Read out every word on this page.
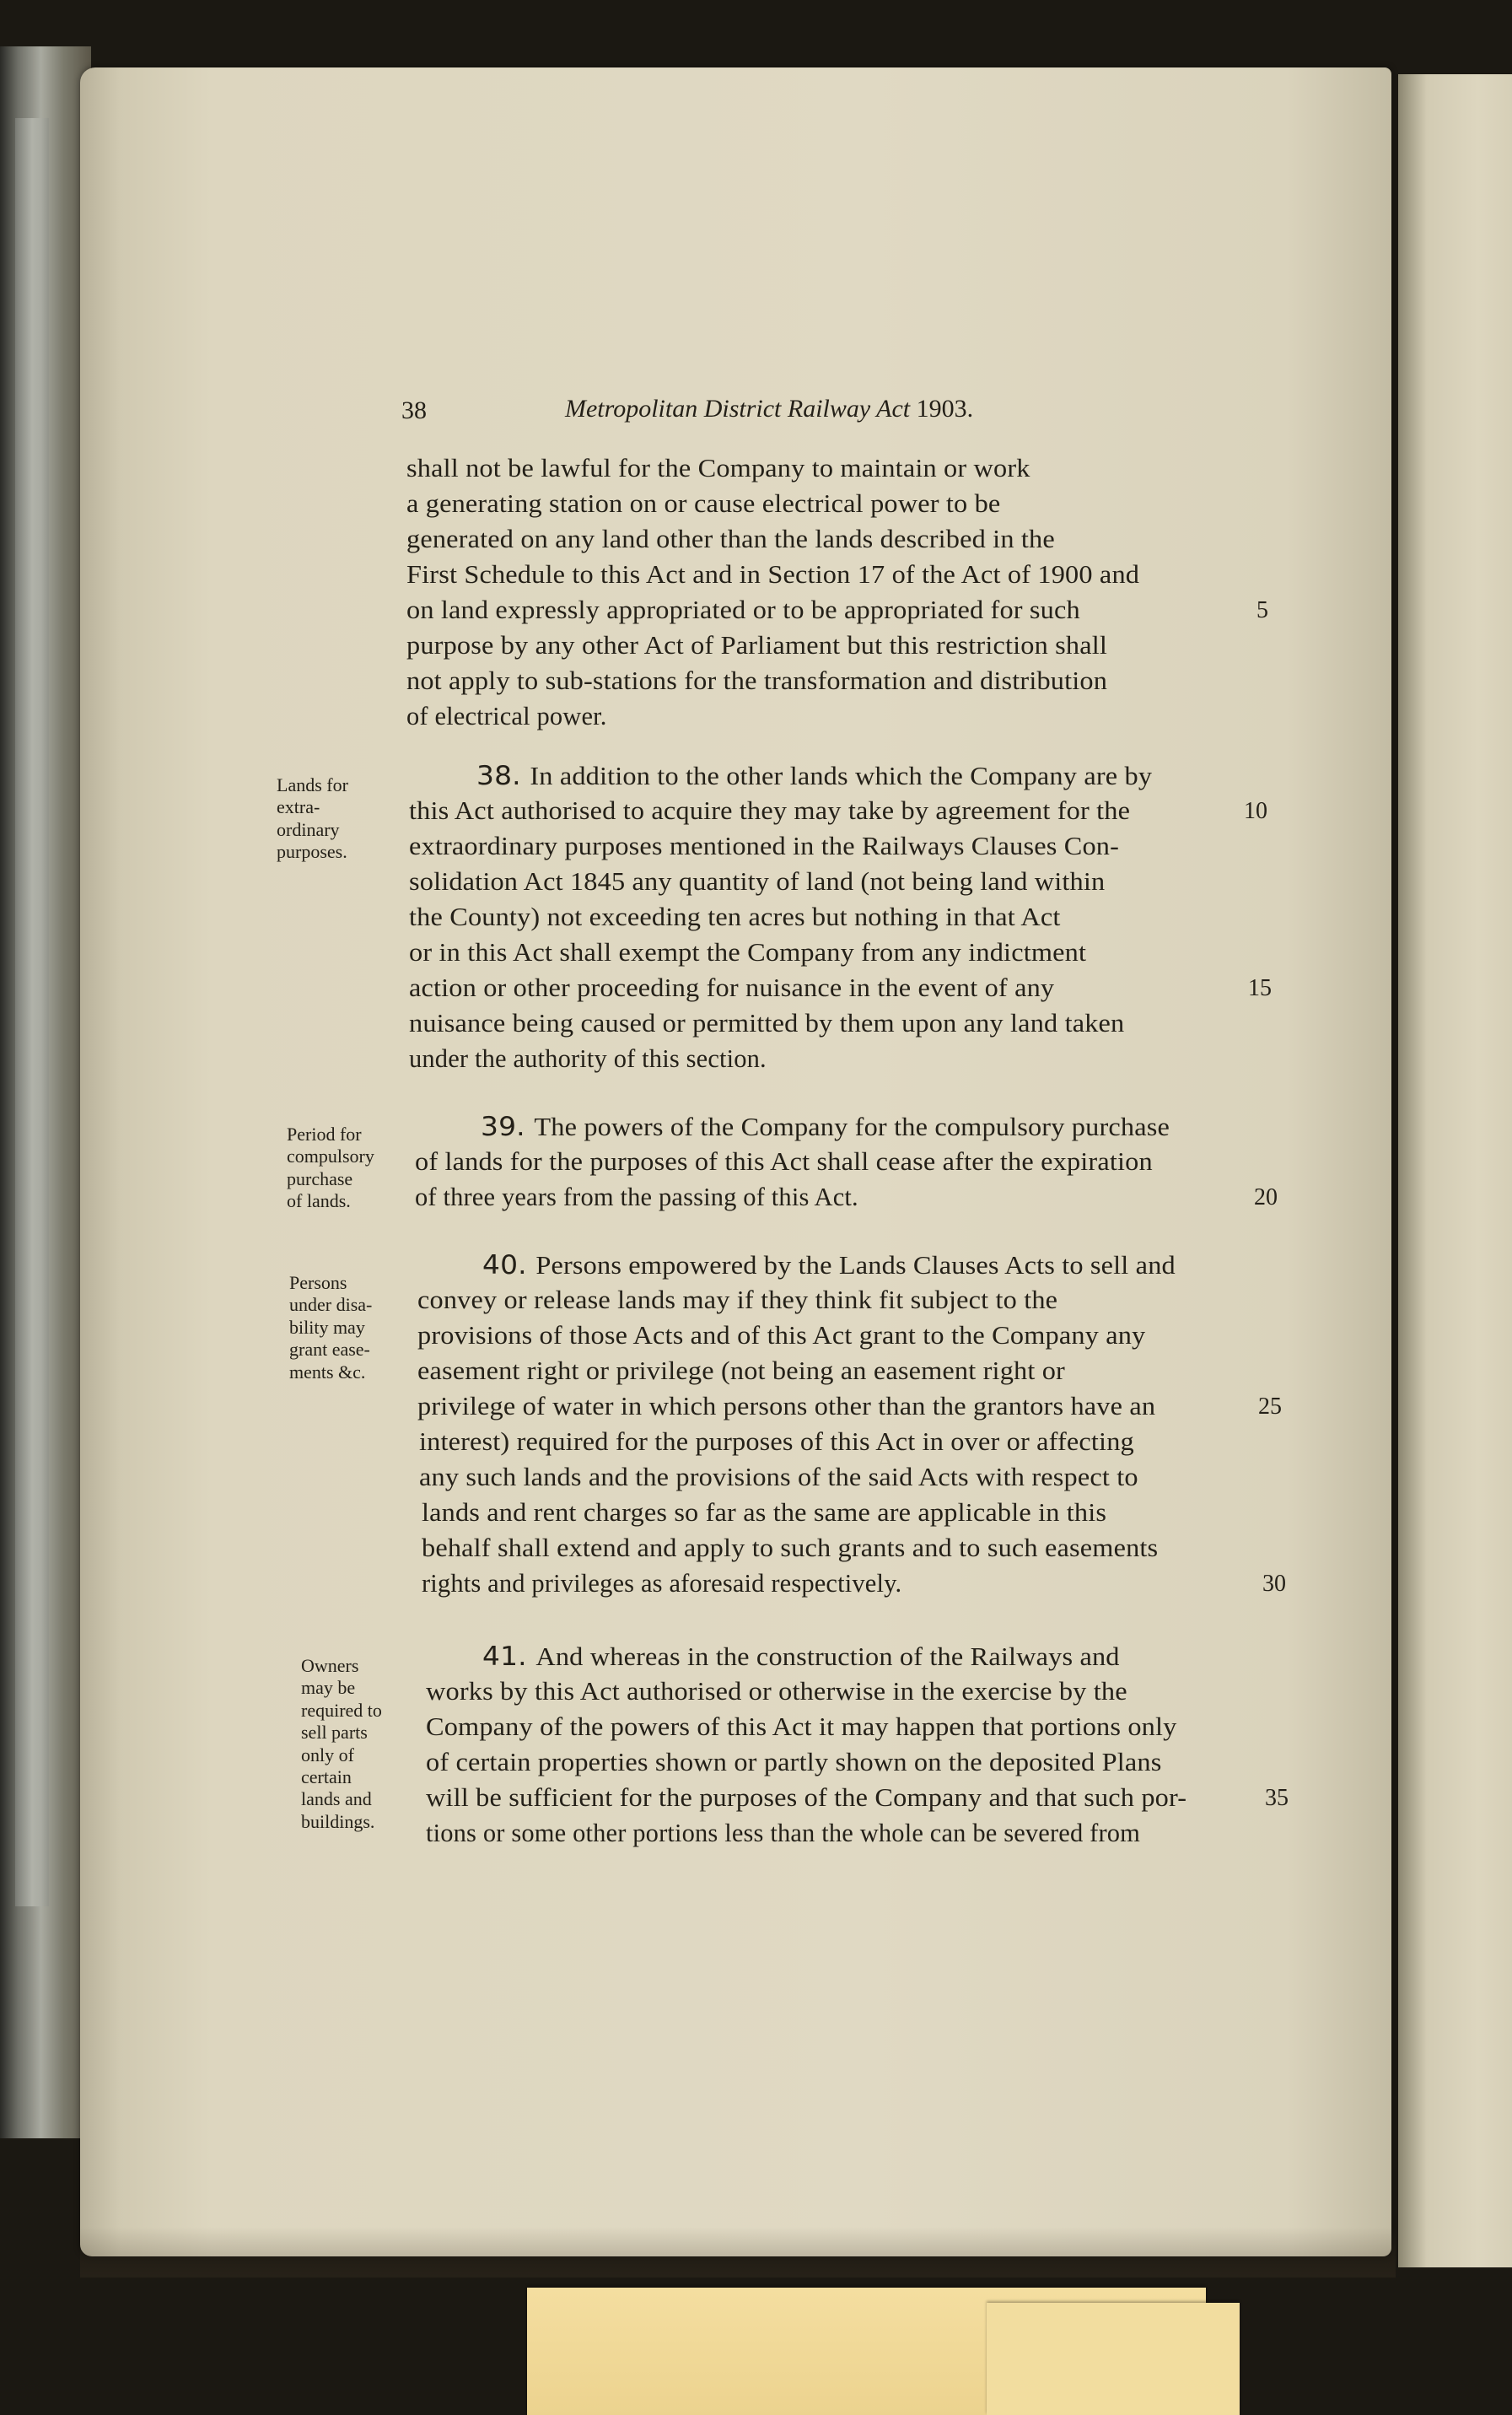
38	Metropolitan District Railway Act 1903.
shall not be lawful for the Company to maintain or work
a generating station on or cause electrical power to be
generated on any land other than the lands described in the
First Schedule to this Act and in Section 17 of the Act of 1900 and
on land expressly appropriated or to be appropriated for such
purpose by any other Act of Parliament but this restriction shall
not apply to sub-stations for the transformation and distribution
of electrical power.
38. In addition to the other lands which the Company are by
this Act authorised to acquire they may take by agreement for the
extraordinary purposes mentioned in the Railways Clauses Con-
solidation Act 1845 any quantity of land (not being land within
the County) not exceeding ten acres but nothing in that Act
or in this Act shall exempt the Company from any indictment
action or other proceeding for nuisance in the event of any
nuisance being caused or permitted by them upon any land taken
under the authority of this section.
39. The powers of the Company for the compulsory purchase
of lands for the purposes of this Act shall cease after the expiration
of three years from the passing of this Act.
40. Persons empowered by the Lands Clauses Acts to sell and
convey or release lands may if they think fit subject to the
provisions of those Acts and of this Act grant to the Company any
easement right or privilege (not being an easement right or
privilege of water in which persons other than the grantors have an
interest) required for the purposes of this Act in over or affecting
any such lands and the provisions of the said Acts with respect to
lands and rent charges so far as the same are applicable in this
behalf shall extend and apply to such grants and to such easements
rights and privileges as aforesaid respectively.
41. And whereas in the construction of the Railways and
works by this Act authorised or otherwise in the exercise by the
Company of the powers of this Act it may happen that portions only
of certain properties shown or partly shown on the deposited Plans
will be sufficient for the purposes of the Company and that such por-
tions or some other portions less than the whole can be severed from
5
10
15
20
25
30
35
Lands for
extra-
ordinary
purposes.
Period for
compulsory
purchase
of lands.
Persons
under disa-
bility may
grant ease-
ments &c.
Owners
may be
required to
sell parts
only of
certain
lands and
buildings.
